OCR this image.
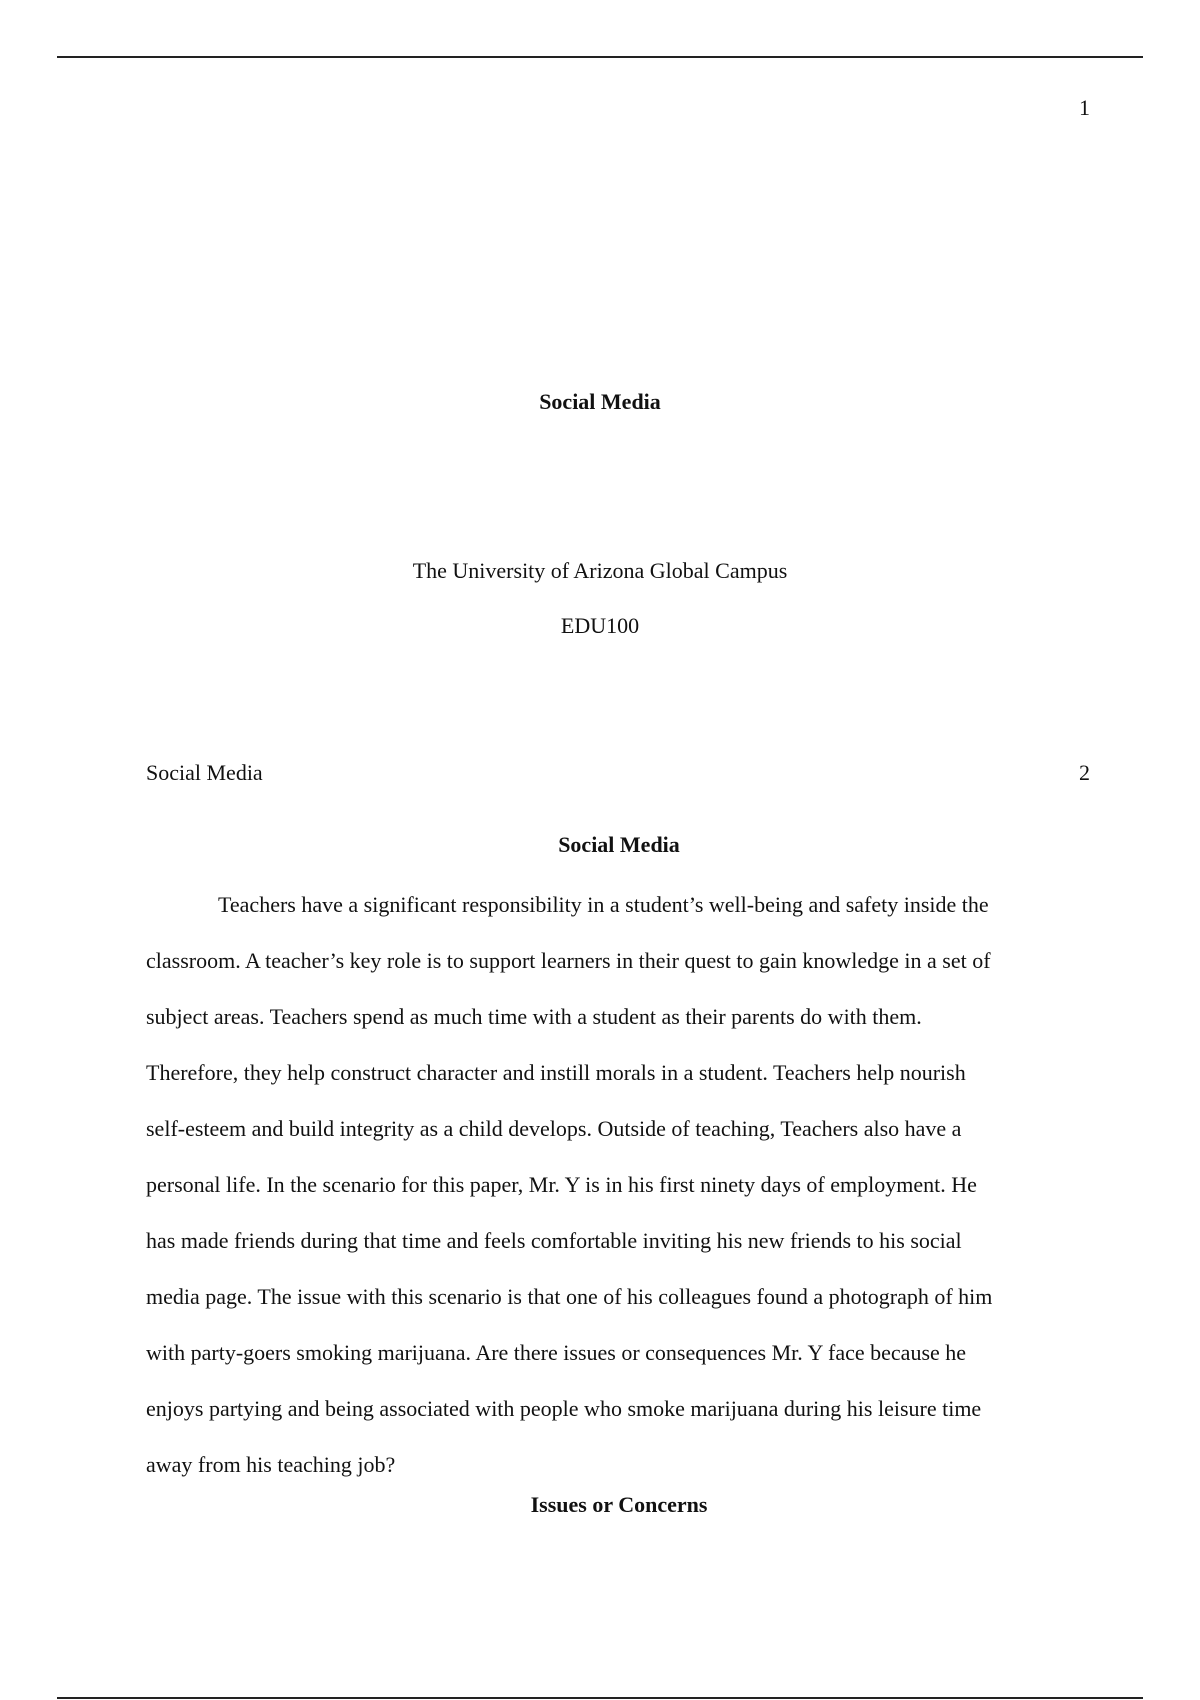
1
Social Media
The University of Arizona Global Campus
EDU100
Social Media	2
Social Media
Teachers have a significant responsibility in a student’s well-being and safety inside the
classroom. A teacher’s key role is to support learners in their quest to gain knowledge in a set of
subject areas. Teachers spend as much time with a student as their parents do with them.
Therefore, they help construct character and instill morals in a student. Teachers help nourish
self-esteem and build integrity as a child develops. Outside of teaching, Teachers also have a
personal life. In the scenario for this paper, Mr. Y is in his first ninety days of employment. He
has made friends during that time and feels comfortable inviting his new friends to his social
media page. The issue with this scenario is that one of his colleagues found a photograph of him
with party-goers smoking marijuana. Are there issues or consequences Mr. Y face because he
enjoys partying and being associated with people who smoke marijuana during his leisure time
away from his teaching job?
Issues or Concerns
